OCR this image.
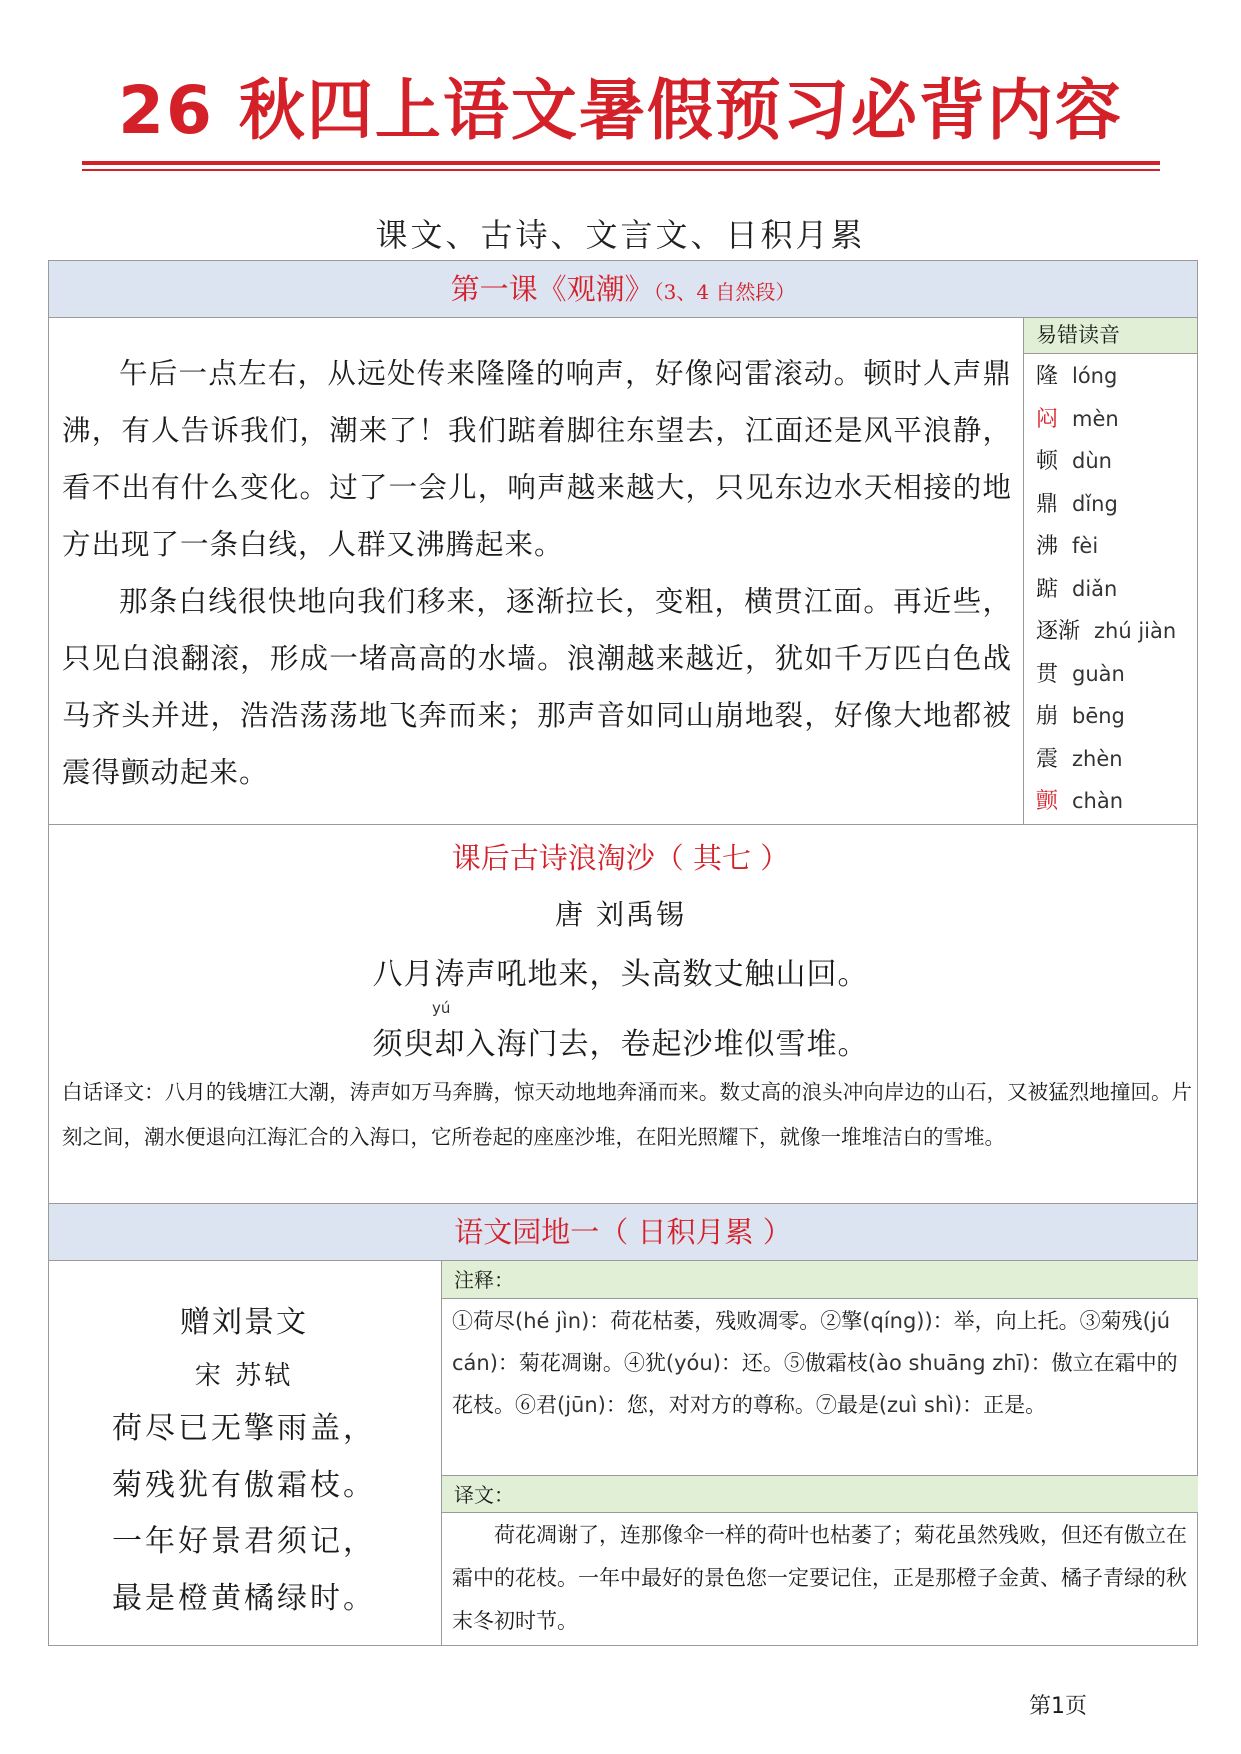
26 秋四上语文暑假预习必背内容
课文、古诗、文言文、日积月累
第一课《观潮》（3、4 自然段）

午后一点左右，从远处传来隆隆的响声，好像闷雷滚动。顿时人声鼎沸，有人告诉我们，潮来了！我们踮着脚往东望去，江面还是风平浪静，看不出有什么变化。过了一会儿，响声越来越大，只见东边水天相接的地方出现了一条白线，人群又沸腾起来。

那条白线很快地向我们移来，逐渐拉长，变粗，横贯江面。再近些，只见白浪翻滚，形成一堵高高的水墙。浪潮越来越近，犹如千万匹白色战马齐头并进，浩浩荡荡地飞奔而来；那声音如同山崩地裂，好像大地都被震得颤动起来。

易错读音
隆 lóng
闷 mèn
顿 dùn
鼎 dǐng
沸 fèi
踮 diǎn
逐渐 zhú jiàn
贯 guàn
崩 bēng
震 zhèn
颤 chàn
课后古诗浪淘沙（ 其七 ）
唐 刘禹锡
八月涛声吼地来，头高数丈触山回。
yú
须臾却入海门去，卷起沙堆似雪堆。

白话译文：八月的钱塘江大潮，涛声如万马奔腾，惊天动地地奔涌而来。数丈高的浪头冲向岸边的山石，又被猛烈地撞回。片刻之间，潮水便退向江海汇合的入海口，它所卷起的座座沙堆，在阳光照耀下，就像一堆堆洁白的雪堆。

语文园地一（ 日积月累 ）
赠刘景文
宋 苏轼
荷尽已无擎雨盖，
菊残犹有傲霜枝。
一年好景君须记，
最是橙黄橘绿时。
注释：

①荷尽(hé jìn)：荷花枯萎，残败凋零。②擎(qíng))：举，向上托。③菊残(jú cán)：菊花凋谢。④犹(yóu)：还。⑤傲霜枝(ào shuāng zhī)：傲立在霜中的花枝。⑥君(jūn)：您，对对方的尊称。⑦最是(zuì shì)：正是。

译文：

荷花凋谢了，连那像伞一样的荷叶也枯萎了；菊花虽然残败，但还有傲立在霜中的花枝。一年中最好的景色您一定要记住，正是那橙子金黄、橘子青绿的秋末冬初时节。

第1页
